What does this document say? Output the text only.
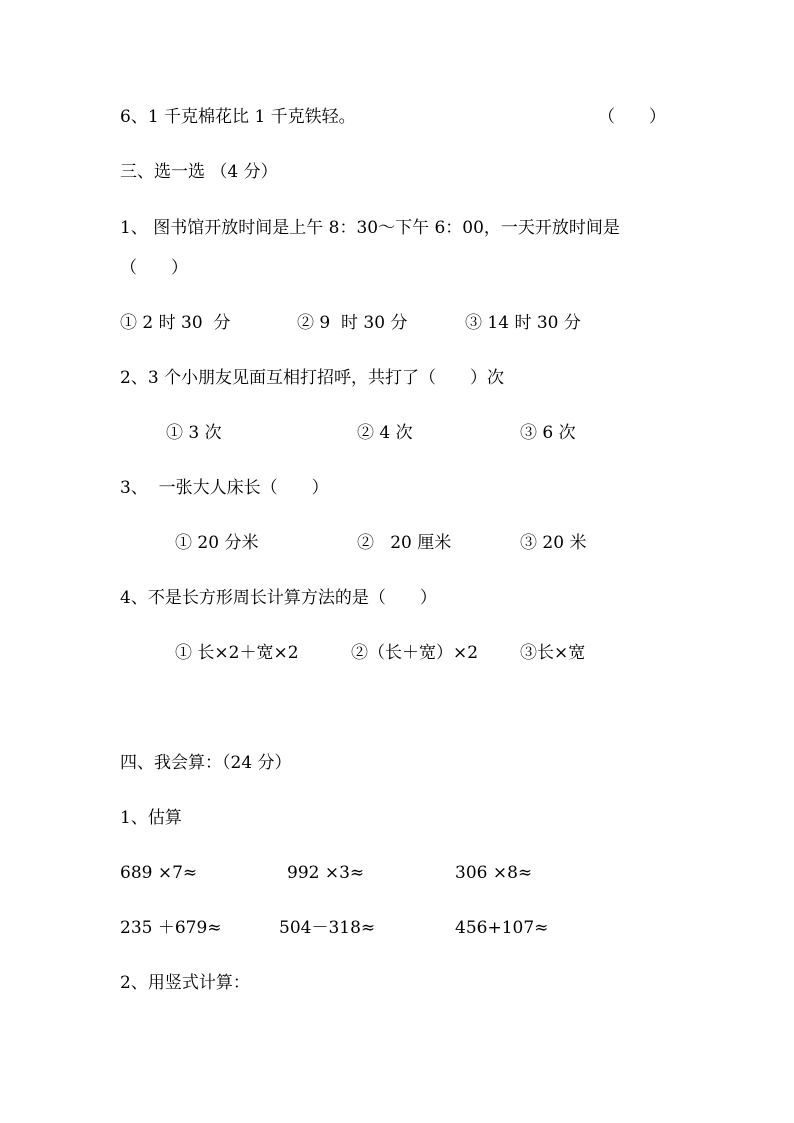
6、1 千克棉花比 1 千克铁轻。	（　　）
三、选一选 （4 分）
1、 图书馆开放时间是上午 8：30～下午 6：00，一天开放时间是
（　　）
① 2 时 30  分	② 9  时 30 分	③ 14 时 30 分
2、3 个小朋友见面互相打招呼，共打了（　　）次
① 3 次	② 4 次	③ 6 次
3、  一张大人床长（　　）
① 20 分米	②   20 厘米	③ 20 米
4、不是长方形周长计算方法的是（　　）
① 长×2＋宽×2	②（长＋宽）×2 ③长×宽
四、我会算：（24 分）
1、估算
689 ×7≈	992 ×3≈	306 ×8≈
235 ＋679≈	504－318≈	456+107≈
2、用竖式计算：
